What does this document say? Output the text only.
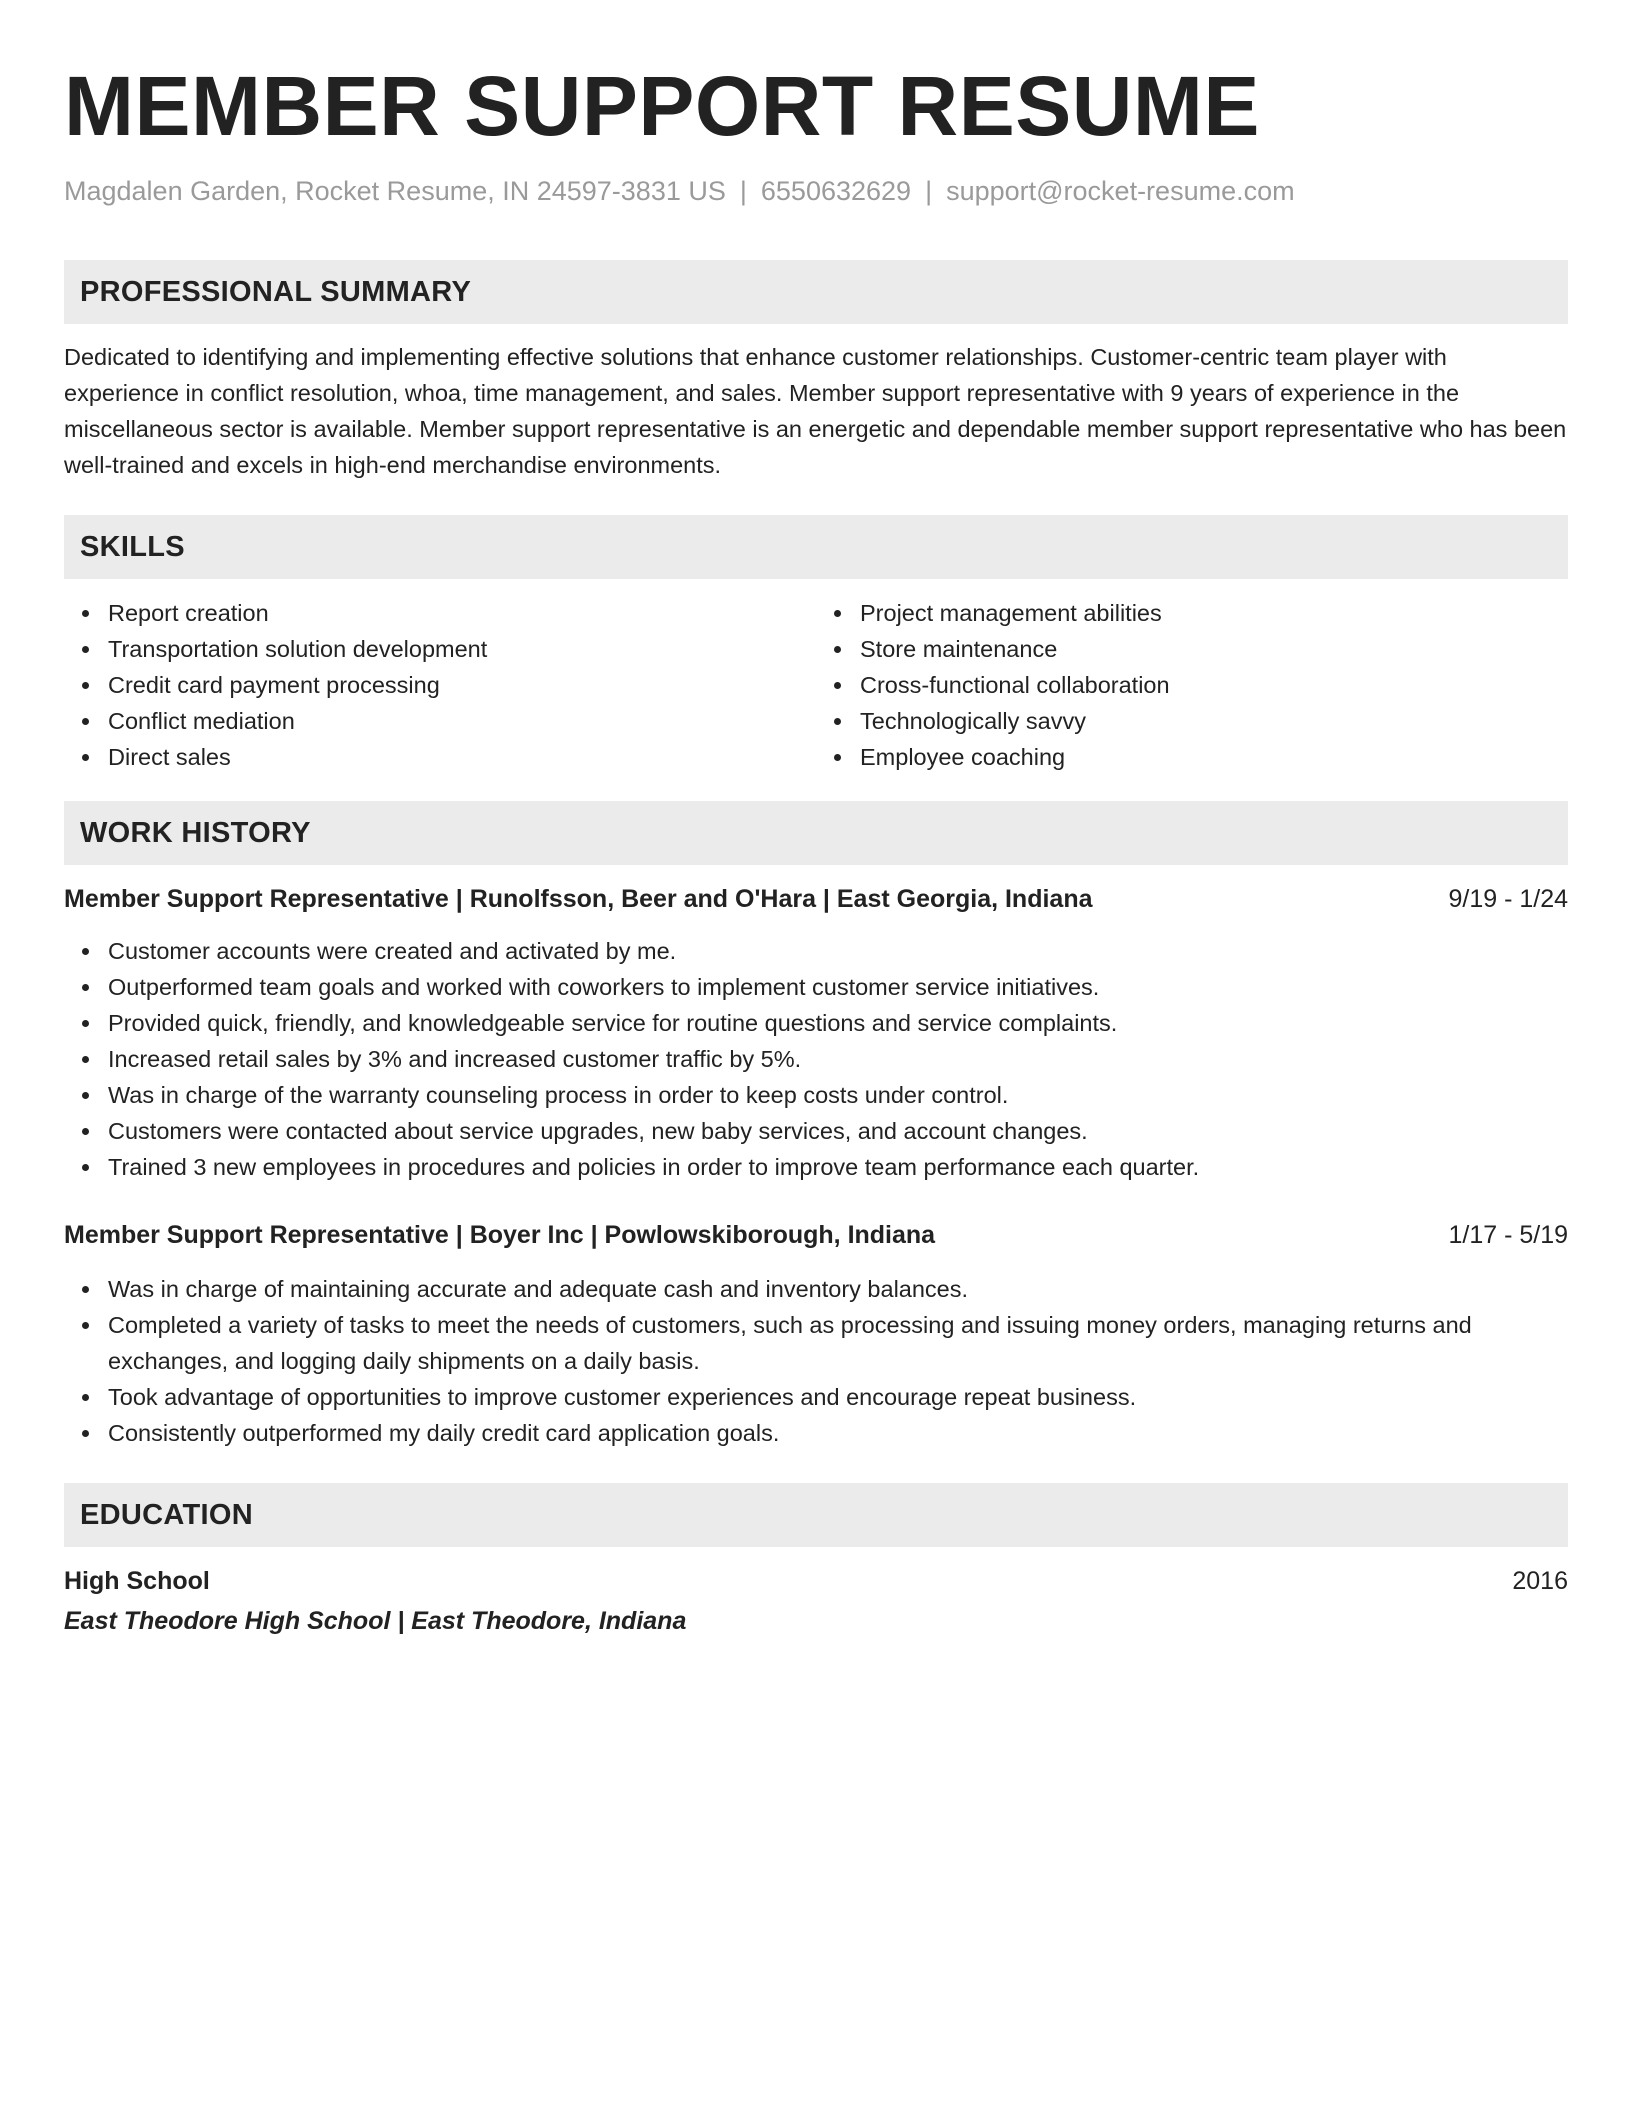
MEMBER SUPPORT RESUME
Magdalen Garden, Rocket Resume, IN 24597-3831 US | 6550632629 | support@rocket-resume.com
PROFESSIONAL SUMMARY
Dedicated to identifying and implementing effective solutions that enhance customer relationships. Customer-centric team player with experience in conflict resolution, whoa, time management, and sales. Member support representative with 9 years of experience in the miscellaneous sector is available. Member support representative is an energetic and dependable member support representative who has been well-trained and excels in high-end merchandise environments.
SKILLS
Report creation
Transportation solution development
Credit card payment processing
Conflict mediation
Direct sales
Project management abilities
Store maintenance
Cross-functional collaboration
Technologically savvy
Employee coaching
WORK HISTORY
Member Support Representative | Runolfsson, Beer and O'Hara | East Georgia, Indiana	9/19 - 1/24
Customer accounts were created and activated by me.
Outperformed team goals and worked with coworkers to implement customer service initiatives.
Provided quick, friendly, and knowledgeable service for routine questions and service complaints.
Increased retail sales by 3% and increased customer traffic by 5%.
Was in charge of the warranty counseling process in order to keep costs under control.
Customers were contacted about service upgrades, new baby services, and account changes.
Trained 3 new employees in procedures and policies in order to improve team performance each quarter.
Member Support Representative | Boyer Inc | Powlowskiborough, Indiana	1/17 - 5/19
Was in charge of maintaining accurate and adequate cash and inventory balances.
Completed a variety of tasks to meet the needs of customers, such as processing and issuing money orders, managing returns and exchanges, and logging daily shipments on a daily basis.
Took advantage of opportunities to improve customer experiences and encourage repeat business.
Consistently outperformed my daily credit card application goals.
EDUCATION
High School	2016
East Theodore High School | East Theodore, Indiana
